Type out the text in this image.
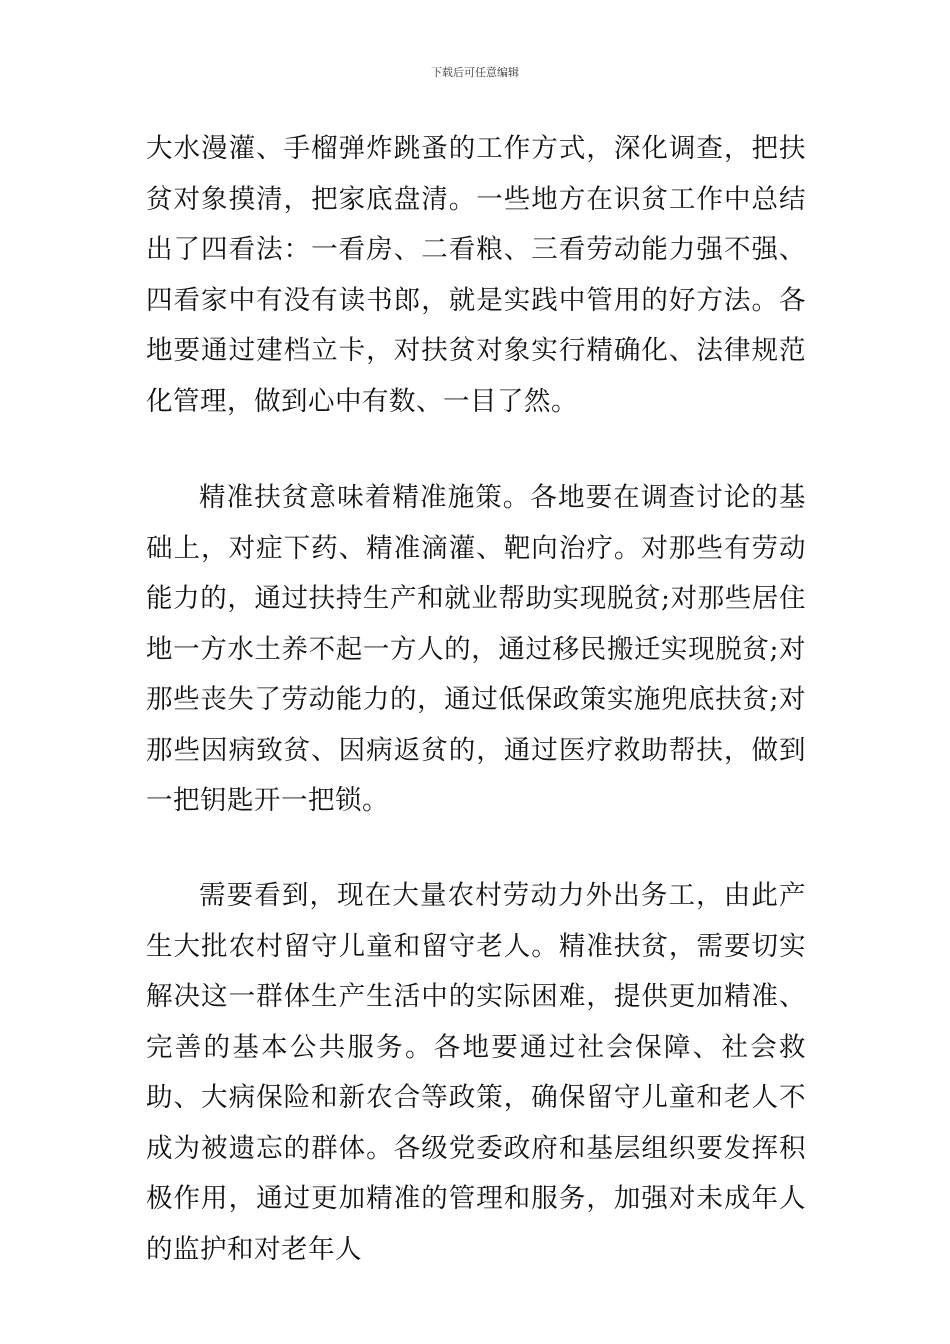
下载后可任意编辑

大水漫灌、手榴弹炸跳蚤的工作方式，深化调查，把扶贫对象摸清，把家底盘清。一些地方在识贫工作中总结出了四看法：一看房、二看粮、三看劳动能力强不强、四看家中有没有读书郎，就是实践中管用的好方法。各地要通过建档立卡，对扶贫对象实行精确化、法律规范化管理，做到心中有数、一目了然。

精准扶贫意味着精准施策。各地要在调查讨论的基础上，对症下药、精准滴灌、靶向治疗。对那些有劳动能力的，通过扶持生产和就业帮助实现脱贫;对那些居住地一方水土养不起一方人的，通过移民搬迁实现脱贫;对那些丧失了劳动能力的，通过低保政策实施兜底扶贫;对那些因病致贫、因病返贫的，通过医疗救助帮扶，做到一把钥匙开一把锁。

需要看到，现在大量农村劳动力外出务工，由此产生大批农村留守儿童和留守老人。精准扶贫，需要切实解决这一群体生产生活中的实际困难，提供更加精准、完善的基本公共服务。各地要通过社会保障、社会救助、大病保险和新农合等政策，确保留守儿童和老人不成为被遗忘的群体。各级党委政府和基层组织要发挥积极作用，通过更加精准的管理和服务，加强对未成年人的监护和对老年人
